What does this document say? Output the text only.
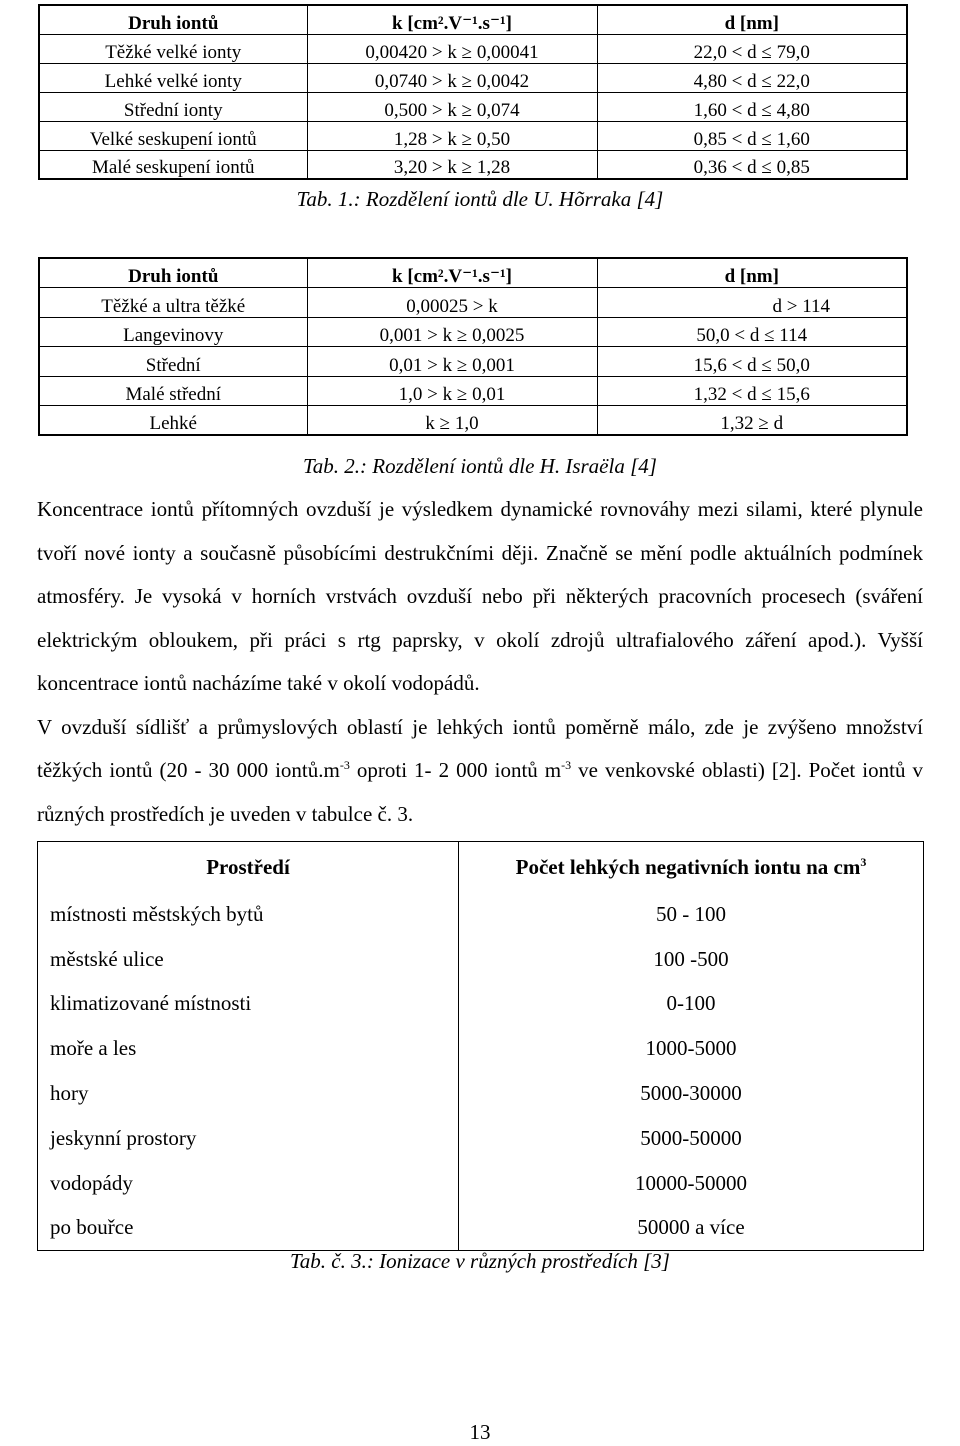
Druh iontů	k [cm².V⁻¹.s⁻¹]	d [nm]
Těžké velké ionty	0,00420 > k ≥ 0,00041	22,0 < d ≤ 79,0
Lehké velké ionty	0,0740 > k ≥ 0,0042	4,80 < d ≤ 22,0
Střední ionty	0,500 > k ≥ 0,074	1,60 < d ≤ 4,80
Velké seskupení iontů	1,28 > k ≥ 0,50	0,85 < d ≤ 1,60
Malé seskupení iontů	3,20 > k ≥ 1,28	0,36 < d ≤ 0,85
Tab. 1.: Rozdělení iontů dle U. Hõrraka [4]
Druh iontů	k [cm².V⁻¹.s⁻¹]	d [nm]
Těžké a ultra těžké	0,00025 > k	d > 114
Langevinovy	0,001 > k ≥ 0,0025	50,0 < d ≤ 114
Střední	0,01 > k ≥ 0,001	15,6 < d ≤ 50,0
Malé střední	1,0 > k ≥ 0,01	1,32 < d ≤ 15,6
Lehké	k ≥ 1,0	1,32 ≥ d
Tab. 2.: Rozdělení iontů dle H. Israëla [4]

Koncentrace iontů přítomných ovzduší je výsledkem dynamické rovnováhy mezi silami, které plynule tvoří nové ionty a současně působícími destrukčními ději. Značně se mění podle aktuálních podmínek atmosféry. Je vysoká v horních vrstvách ovzduší nebo při některých pracovních procesech (sváření elektrickým obloukem, při práci s rtg paprsky, v okolí zdrojů ultrafialového záření apod.). Vyšší koncentrace iontů nacházíme také v okolí vodopádů.

V ovzduší sídlišť a průmyslových oblastí je lehkých iontů poměrně málo, zde je zvýšeno množství těžkých iontů (20 - 30 000 $iontů.m^{-3}$ oproti 1- 2 000 iontů $m^{-3}$ ve venkovské oblasti) [2]. Počet iontů v různých prostředích je uveden v tabulce č. 3.

Prostředí	Počet lehkých negativních iontu na $cm^3$
místnosti městských bytů	50 - 100
městské ulice	100 -500
klimatizované místnosti	0-100
moře a les	1000-5000
hory	5000-30000
jeskynní prostory	5000-50000
vodopády	10000-50000
po bouřce	50000 a více
Tab. č. 3.: Ionizace v různých prostředích [3]
13
